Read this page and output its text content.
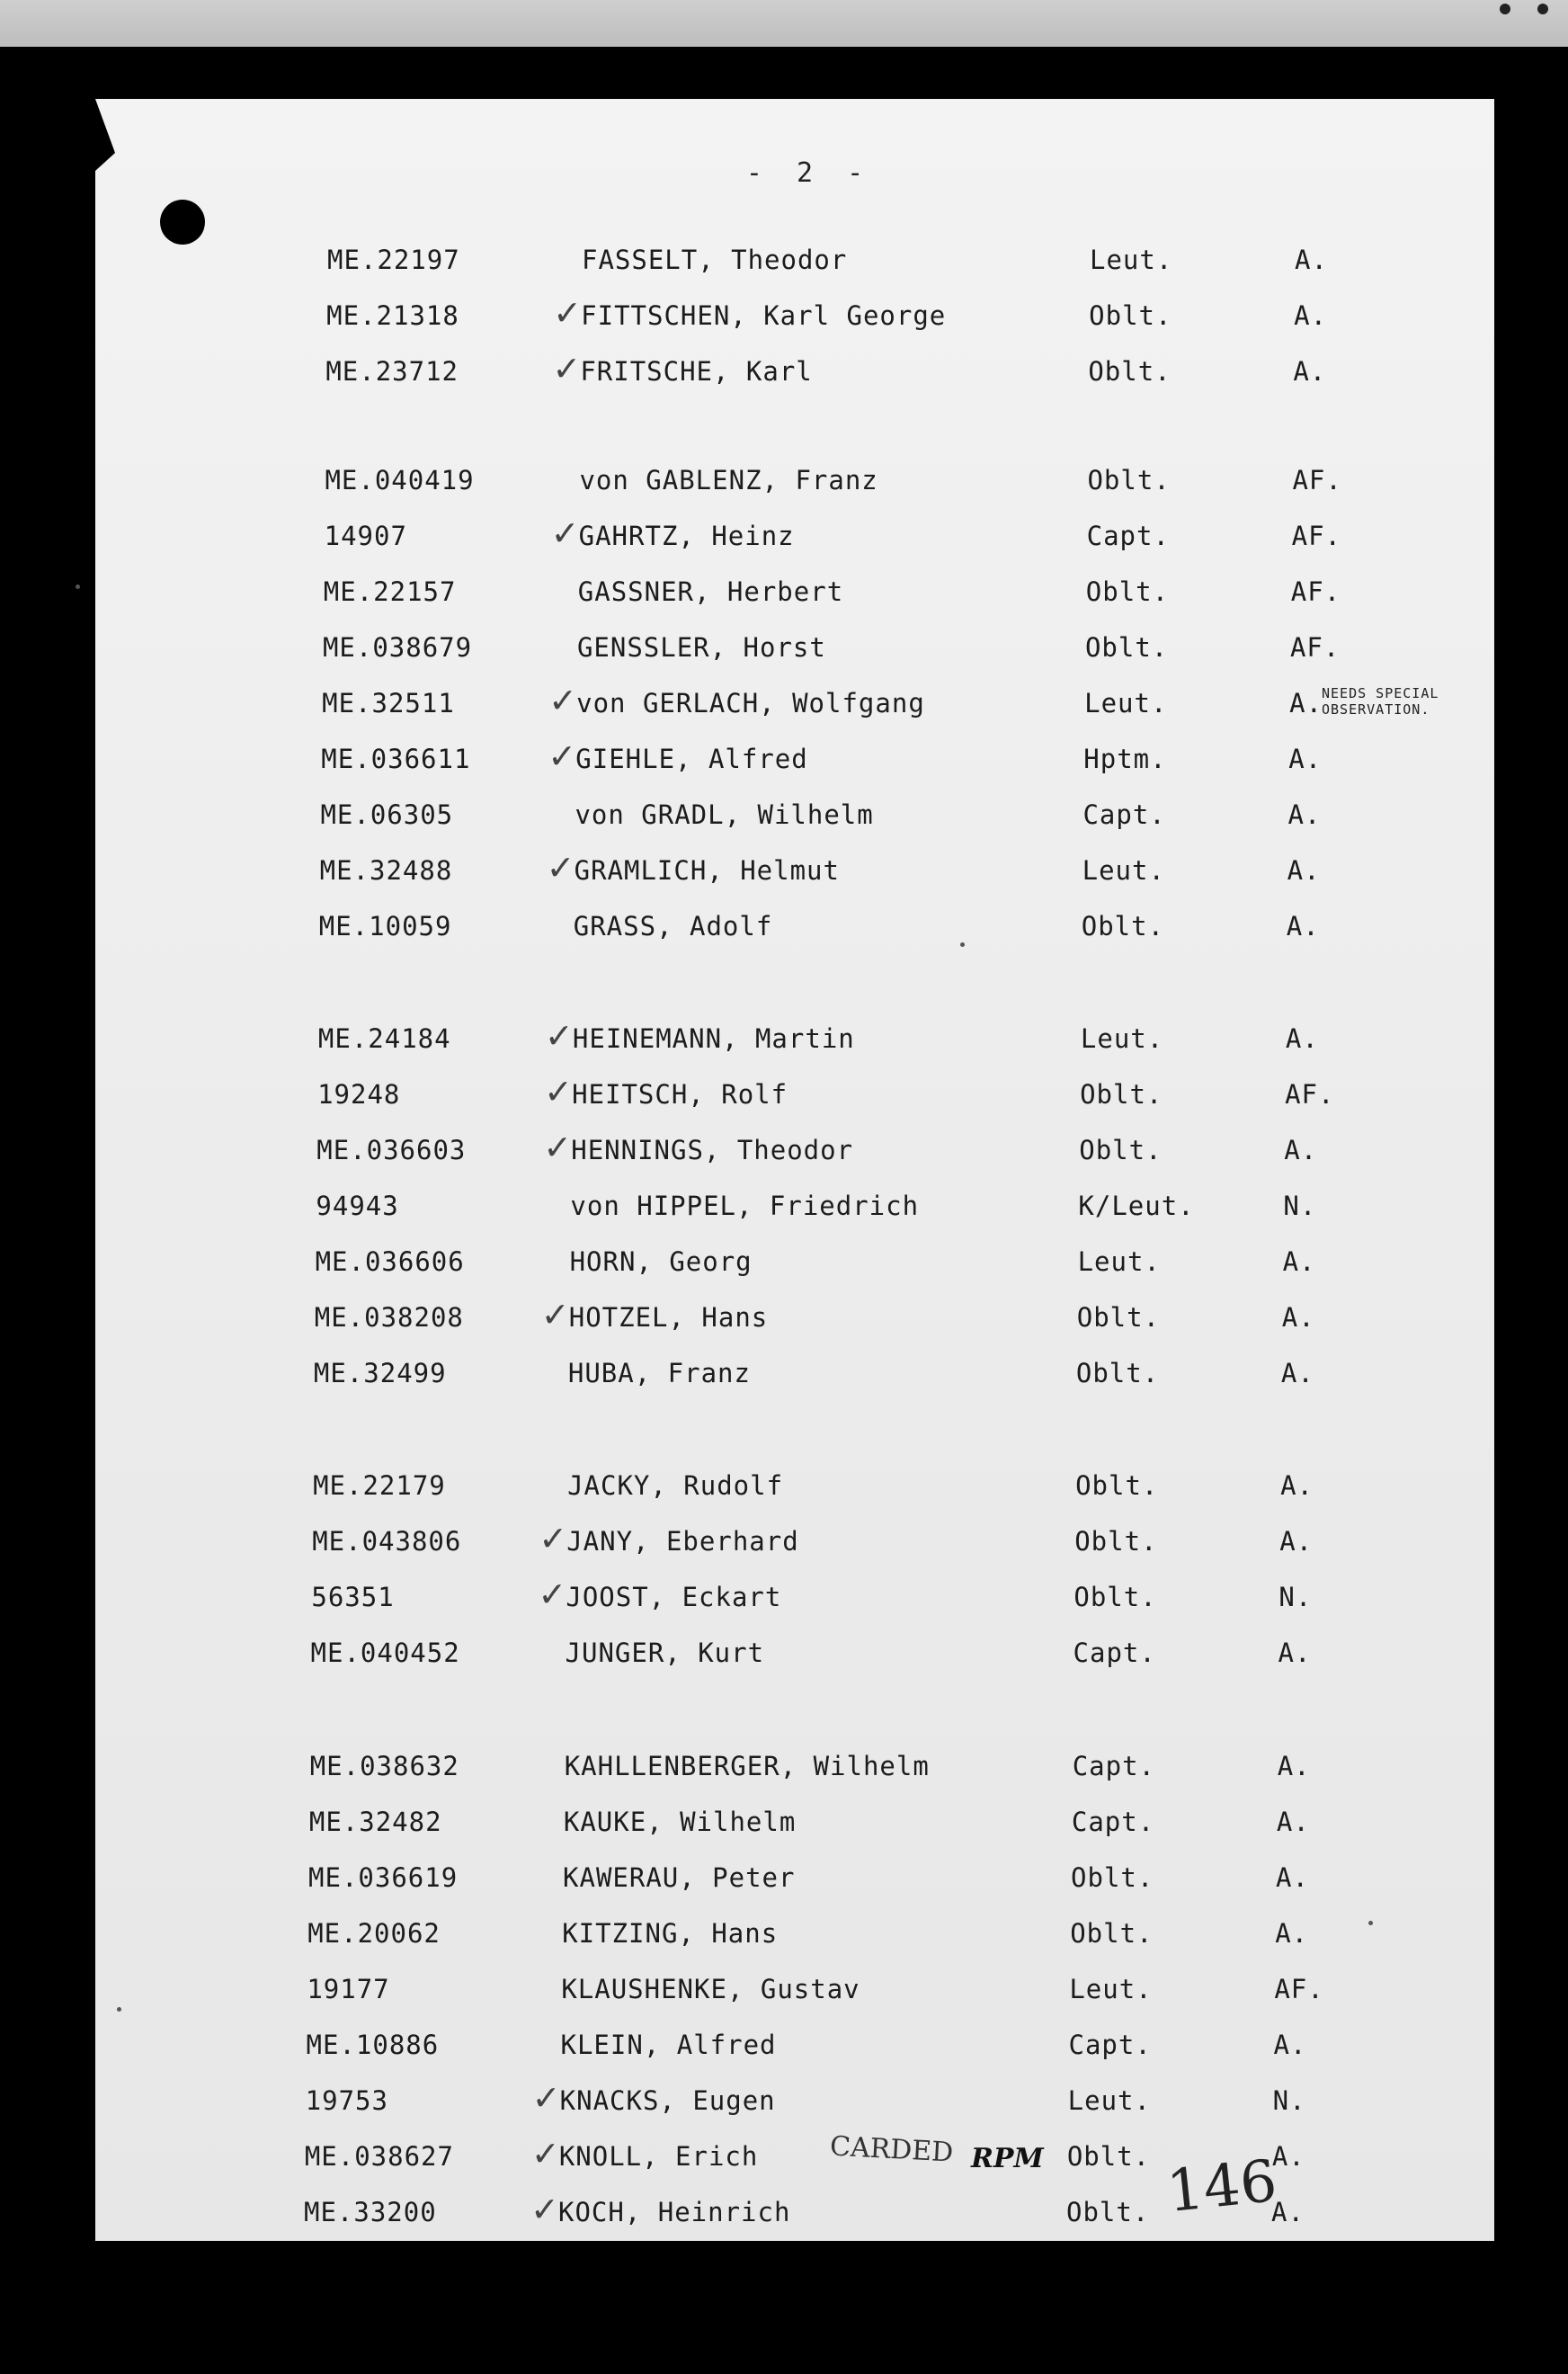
- 2 -
ME.22197	FASSELT, Theodor	Leut.	A.
ME.21318	FITTSCHEN, Karl George	Oblt.	A.
✓
ME.23712	FRITSCHE, Karl	Oblt.	A.
✓
ME.040419	von GABLENZ, Franz	Oblt.	AF.
14907	GAHRTZ, Heinz	Capt.	AF.
✓
ME.22157	GASSNER, Herbert	Oblt.	AF.
ME.038679	GENSSLER, Horst	Oblt.	AF.
ME.32511	von GERLACH, Wolfgang	Leut.	A.
✓
ME.036611	GIEHLE, Alfred	Hptm.	A.
✓
ME.06305	von GRADL, Wilhelm	Capt.	A.
ME.32488	GRAMLICH, Helmut	Leut.	A.
✓
ME.10059	GRASS, Adolf	Oblt.	A.
ME.24184	HEINEMANN, Martin	Leut.	A.
✓
19248	HEITSCH, Rolf	Oblt.	AF.
✓
ME.036603	HENNINGS, Theodor	Oblt.	A.
✓
94943	von HIPPEL, Friedrich	K/Leut.	N.
ME.036606	HORN, Georg	Leut.	A.
ME.038208	HOTZEL, Hans	Oblt.	A.
✓
ME.32499	HUBA, Franz	Oblt.	A.
ME.22179	JACKY, Rudolf	Oblt.	A.
ME.043806	JANY, Eberhard	Oblt.	A.
✓
56351	JOOST, Eckart	Oblt.	N.
✓
ME.040452	JUNGER, Kurt	Capt.	A.
ME.038632	KAHLLENBERGER, Wilhelm	Capt.	A.
ME.32482	KAUKE, Wilhelm	Capt.	A.
ME.036619	KAWERAU, Peter	Oblt.	A.
ME.20062	KITZING, Hans	Oblt.	A.
19177	KLAUSHENKE, Gustav	Leut.	AF.
ME.10886	KLEIN, Alfred	Capt.	A.
19753	KNACKS, Eugen	Leut.	N.
✓
ME.038627	KNOLL, Erich	Oblt.	A.
✓
ME.33200	KOCH, Heinrich	Oblt.	A.
✓
NEEDS SPECIAL OBSERVATION.
CARDED RPM 146
